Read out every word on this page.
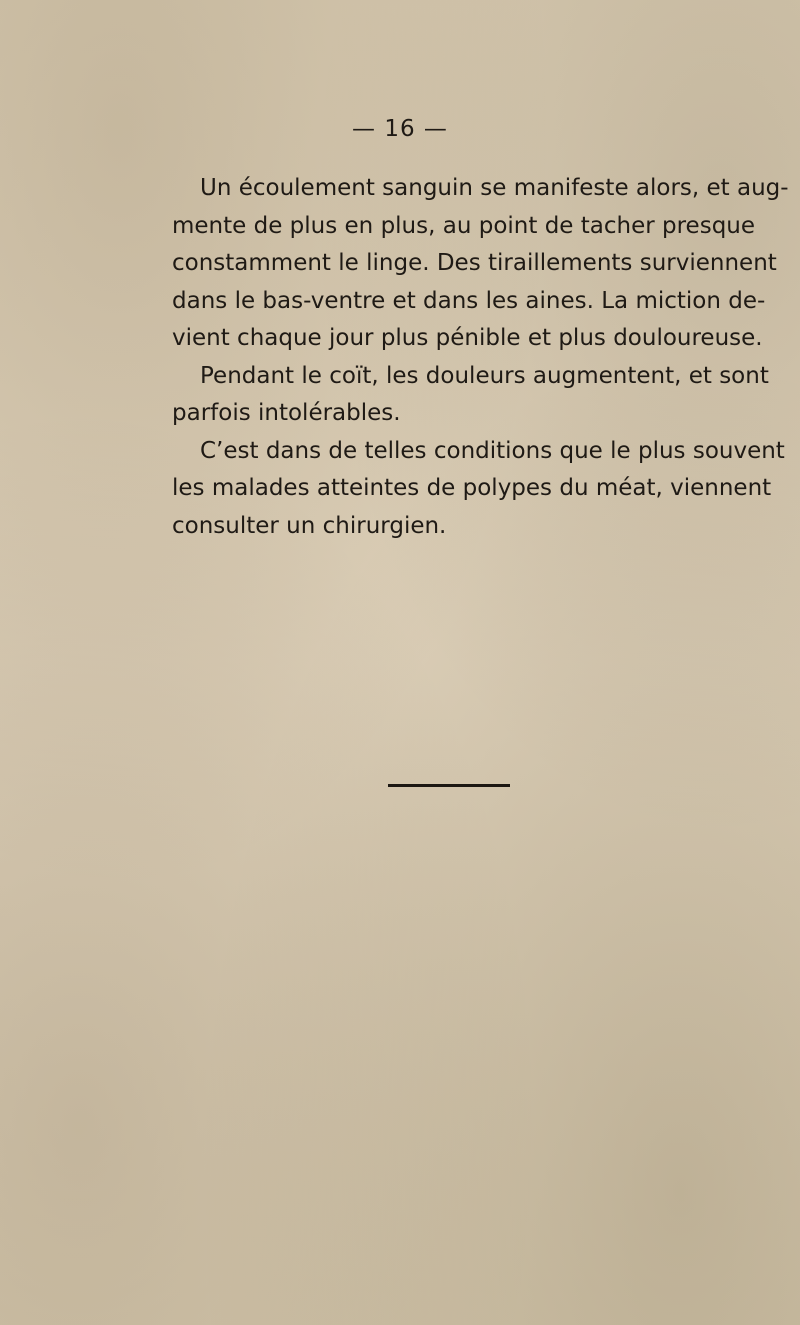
— 16 —
Un écoulement sanguin se manifeste alors, et aug-
mente de plus en plus, au point de tacher presque
constamment le linge. Des tiraillements surviennent
dans le bas-ventre et dans les aines. La miction de-
vient chaque jour plus pénible et plus douloureuse.
Pendant le coït, les douleurs augmentent, et sont
parfois intolérables.
C’est dans de telles conditions que le plus souvent
les malades atteintes de polypes du méat, viennent
consulter un chirurgien.
